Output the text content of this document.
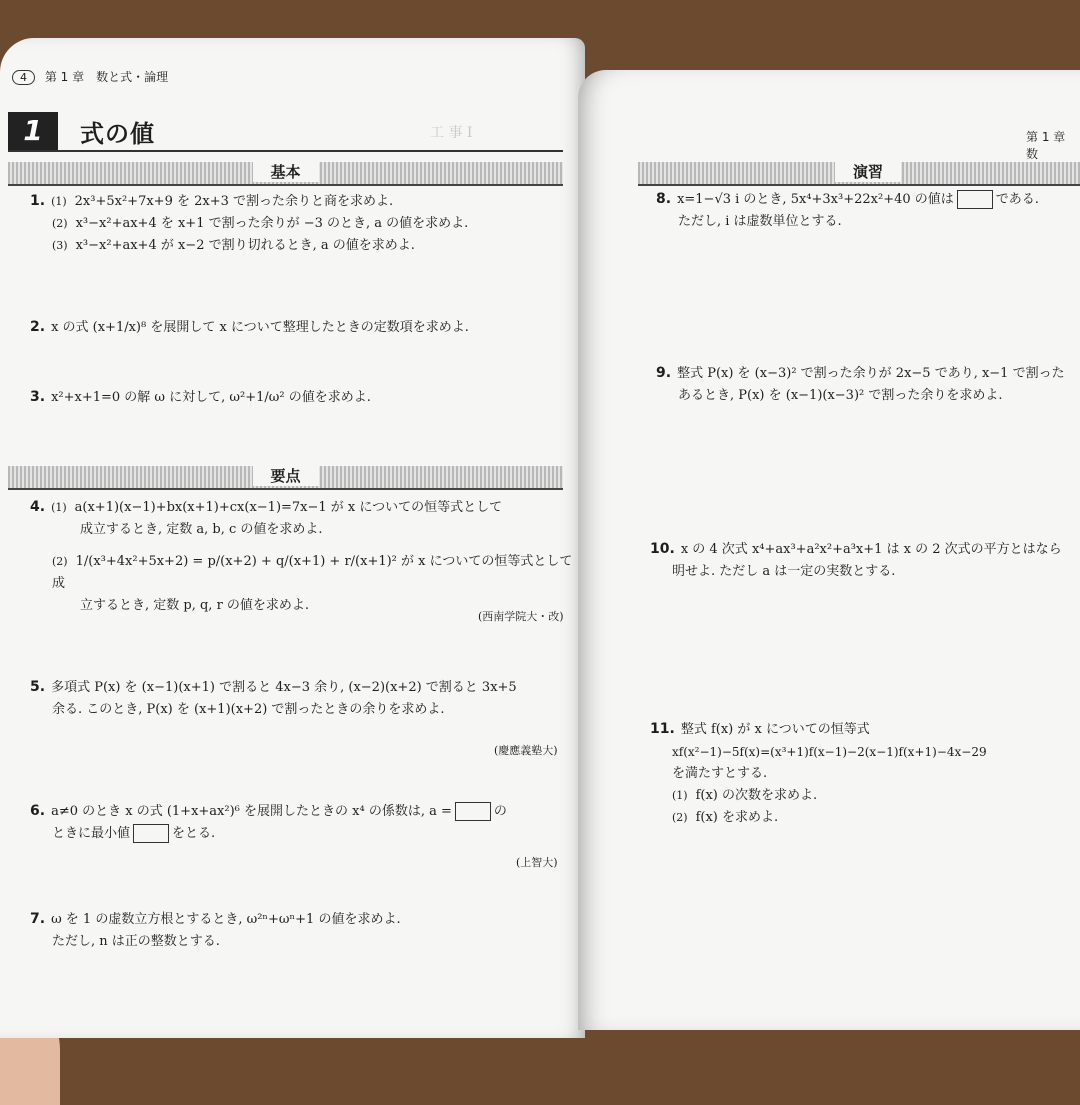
4 第 1 章　数と式・論理
1	式の値	工 事 Ⅰ
基本
1. (1) 2x³+5x²+7x+9 を 2x+3 で割った余りと商を求めよ.
(2) x³−x²+ax+4 を x+1 で割った余りが −3 のとき, a の値を求めよ.
(3) x³−x²+ax+4 が x−2 で割り切れるとき, a の値を求めよ.
2. x の式 (x+1/x)⁸ を展開して x について整理したときの定数項を求めよ.
3. x²+x+1=0 の解 ω に対して, ω²+1/ω² の値を求めよ.
要点
4. (1) a(x+1)(x−1)+bx(x+1)+cx(x−1)=7x−1 が x についての恒等式として
成立するとき, 定数 a, b, c の値を求めよ.
(2) 1/(x³+4x²+5x+2) = p/(x+2) + q/(x+1) + r/(x+1)² が x についての恒等式として成
立するとき, 定数 p, q, r の値を求めよ.
(西南学院大・改)
5. 多項式 P(x) を (x−1)(x+1) で割ると 4x−3 余り, (x−2)(x+2) で割ると 3x+5
余る. このとき, P(x) を (x+1)(x+2) で割ったときの余りを求めよ.
(慶應義塾大)
6. a≠0 のとき x の式 (1+x+ax²)⁶ を展開したときの x⁴ の係数は, a =	の
ときに最小値	をとる.
(上智大)
7. ω を 1 の虚数立方根とするとき, ω²ⁿ+ωⁿ+1 の値を求めよ.
ただし, n は正の整数とする.
第 1 章　数
演習
8. x=1−√3 i のとき, 5x⁴+3x³+22x²+40 の値は	である.
ただし, i は虚数単位とする.
9. 整式 P(x) を (x−3)² で割った余りが 2x−5 であり, x−1 で割った
あるとき, P(x) を (x−1)(x−3)² で割った余りを求めよ.
10. x の 4 次式 x⁴+ax³+a²x²+a³x+1 は x の 2 次式の平方とはなら
明せよ. ただし a は一定の実数とする.
11. 整式 f(x) が x についての恒等式
xf(x²−1)−5f(x)=(x³+1)f(x−1)−2(x−1)f(x+1)−4x−29
を満たすとする.
(1) f(x) の次数を求めよ.
(2) f(x) を求めよ.
